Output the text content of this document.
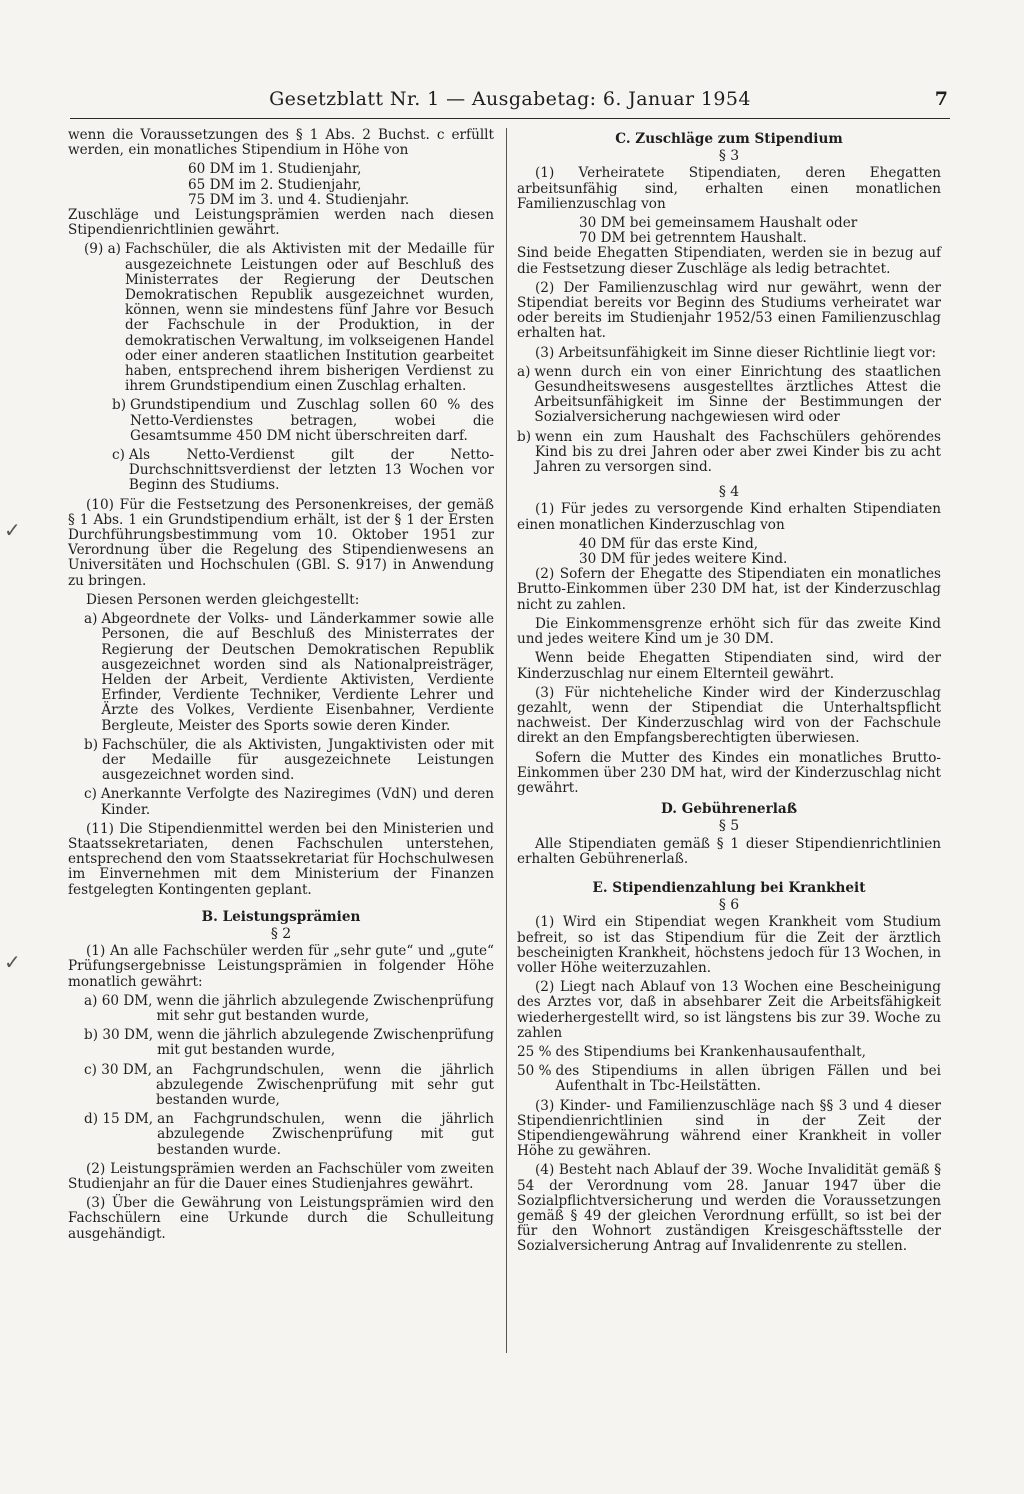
✓
✓
Gesetzblatt Nr. 1 — Ausgabetag: 6. Januar 1954	7

wenn die Voraussetzungen des § 1 Abs. 2 Buchst. c erfüllt werden, ein monatliches Stipendium in Höhe von

60 DM im 1. Studienjahr,

65 DM im 2. Studienjahr,

75 DM im 3. und 4. Studienjahr.

Zuschläge und Leistungsprämien werden nach diesen Stipendienrichtlinien gewährt.

(9) a) Fachschüler, die als Aktivisten mit der Medaille für ausgezeichnete Leistungen oder auf Beschluß des Ministerrates der Regierung der Deutschen Demokratischen Republik ausgezeichnet wurden, können, wenn sie mindestens fünf Jahre vor Besuch der Fachschule in der Produktion, in der demokratischen Verwaltung, im volkseigenen Handel oder einer anderen staatlichen Institution gearbeitet haben, entsprechend ihrem bisherigen Verdienst zu ihrem Grundstipendium einen Zuschlag erhalten.
b) Grundstipendium und Zuschlag sollen 60 % des Netto-Verdienstes betragen, wobei die Gesamtsumme 450 DM nicht überschreiten darf.
c) Als Netto-Verdienst gilt der Netto-Durchschnittsverdienst der letzten 13 Wochen vor Beginn des Studiums.

(10) Für die Festsetzung des Personenkreises, der gemäß § 1 Abs. 1 ein Grundstipendium erhält, ist der § 1 der Ersten Durchführungsbestimmung vom 10. Oktober 1951 zur Verordnung über die Regelung des Stipendienwesens an Universitäten und Hochschulen (GBl. S. 917) in Anwendung zu bringen.

Diesen Personen werden gleichgestellt:

a) Abgeordnete der Volks- und Länderkammer sowie alle Personen, die auf Beschluß des Ministerrates der Regierung der Deutschen Demokratischen Republik ausgezeichnet worden sind als Nationalpreisträger, Helden der Arbeit, Verdiente Aktivisten, Verdiente Erfinder, Verdiente Techniker, Verdiente Lehrer und Ärzte des Volkes, Verdiente Eisenbahner, Verdiente Bergleute, Meister des Sports sowie deren Kinder.
b) Fachschüler, die als Aktivisten, Jungaktivisten oder mit der Medaille für ausgezeichnete Leistungen ausgezeichnet worden sind.
c) Anerkannte Verfolgte des Naziregimes (VdN) und deren Kinder.

(11) Die Stipendienmittel werden bei den Ministerien und Staatssekretariaten, denen Fachschulen unterstehen, entsprechend den vom Staatssekretariat für Hochschulwesen im Einvernehmen mit dem Ministerium der Finanzen festgelegten Kontingenten geplant.

B. Leistungsprämien
§ 2

(1) An alle Fachschüler werden für „sehr gute“ und „gute“ Prüfungsergebnisse Leistungsprämien in folgender Höhe monatlich gewährt:

a) 60 DM, wenn die jährlich abzulegende Zwischenprüfung mit sehr gut bestanden wurde,
b) 30 DM, wenn die jährlich abzulegende Zwischenprüfung mit gut bestanden wurde,
c) 30 DM, an Fachgrundschulen, wenn die jährlich abzulegende Zwischenprüfung mit sehr gut bestanden wurde,
d) 15 DM, an Fachgrundschulen, wenn die jährlich abzulegende Zwischenprüfung mit gut bestanden wurde.

(2) Leistungsprämien werden an Fachschüler vom zweiten Studienjahr an für die Dauer eines Studienjahres gewährt.

(3) Über die Gewährung von Leistungsprämien wird den Fachschülern eine Urkunde durch die Schulleitung ausgehändigt.

C. Zuschläge zum Stipendium
§ 3

(1) Verheiratete Stipendiaten, deren Ehegatten arbeitsunfähig sind, erhalten einen monatlichen Familienzuschlag von

30 DM bei gemeinsamem Haushalt oder

70 DM bei getrenntem Haushalt.

Sind beide Ehegatten Stipendiaten, werden sie in bezug auf die Festsetzung dieser Zuschläge als ledig betrachtet.

(2) Der Familienzuschlag wird nur gewährt, wenn der Stipendiat bereits vor Beginn des Studiums verheiratet war oder bereits im Studienjahr 1952/53 einen Familienzuschlag erhalten hat.

(3) Arbeitsunfähigkeit im Sinne dieser Richtlinie liegt vor:

a) wenn durch ein von einer Einrichtung des staatlichen Gesundheitswesens ausgestelltes ärztliches Attest die Arbeitsunfähigkeit im Sinne der Bestimmungen der Sozialversicherung nachgewiesen wird oder
b) wenn ein zum Haushalt des Fachschülers gehörendes Kind bis zu drei Jahren oder aber zwei Kinder bis zu acht Jahren zu versorgen sind.
§ 4

(1) Für jedes zu versorgende Kind erhalten Stipendiaten einen monatlichen Kinderzuschlag von

40 DM für das erste Kind,

30 DM für jedes weitere Kind.

(2) Sofern der Ehegatte des Stipendiaten ein monatliches Brutto-Einkommen über 230 DM hat, ist der Kinderzuschlag nicht zu zahlen.

Die Einkommensgrenze erhöht sich für das zweite Kind und jedes weitere Kind um je 30 DM.

Wenn beide Ehegatten Stipendiaten sind, wird der Kinderzuschlag nur einem Elternteil gewährt.

(3) Für nichteheliche Kinder wird der Kinderzuschlag gezahlt, wenn der Stipendiat die Unterhaltspflicht nachweist. Der Kinderzuschlag wird von der Fachschule direkt an den Empfangsberechtigten überwiesen.

Sofern die Mutter des Kindes ein monatliches Brutto-Einkommen über 230 DM hat, wird der Kinderzuschlag nicht gewährt.

D. Gebührenerlaß
§ 5

Alle Stipendiaten gemäß § 1 dieser Stipendienrichtlinien erhalten Gebührenerlaß.

E. Stipendienzahlung bei Krankheit
§ 6

(1) Wird ein Stipendiat wegen Krankheit vom Studium befreit, so ist das Stipendium für die Zeit der ärztlich bescheinigten Krankheit, höchstens jedoch für 13 Wochen, in voller Höhe weiterzuzahlen.

(2) Liegt nach Ablauf von 13 Wochen eine Bescheinigung des Arztes vor, daß in absehbarer Zeit die Arbeitsfähigkeit wiederhergestellt wird, so ist längstens bis zur 39. Woche zu zahlen

25 % des Stipendiums bei Krankenhausaufenthalt,
50 % des Stipendiums in allen übrigen Fällen und bei Aufenthalt in Tbc-Heilstätten.

(3) Kinder- und Familienzuschläge nach §§ 3 und 4 dieser Stipendienrichtlinien sind in der Zeit der Stipendiengewährung während einer Krankheit in voller Höhe zu gewähren.

(4) Besteht nach Ablauf der 39. Woche Invalidität gemäß § 54 der Verordnung vom 28. Januar 1947 über die Sozialpflichtversicherung und werden die Voraussetzungen gemäß § 49 der gleichen Verordnung erfüllt, so ist bei der für den Wohnort zuständigen Kreisgeschäftsstelle der Sozialversicherung Antrag auf Invalidenrente zu stellen.
